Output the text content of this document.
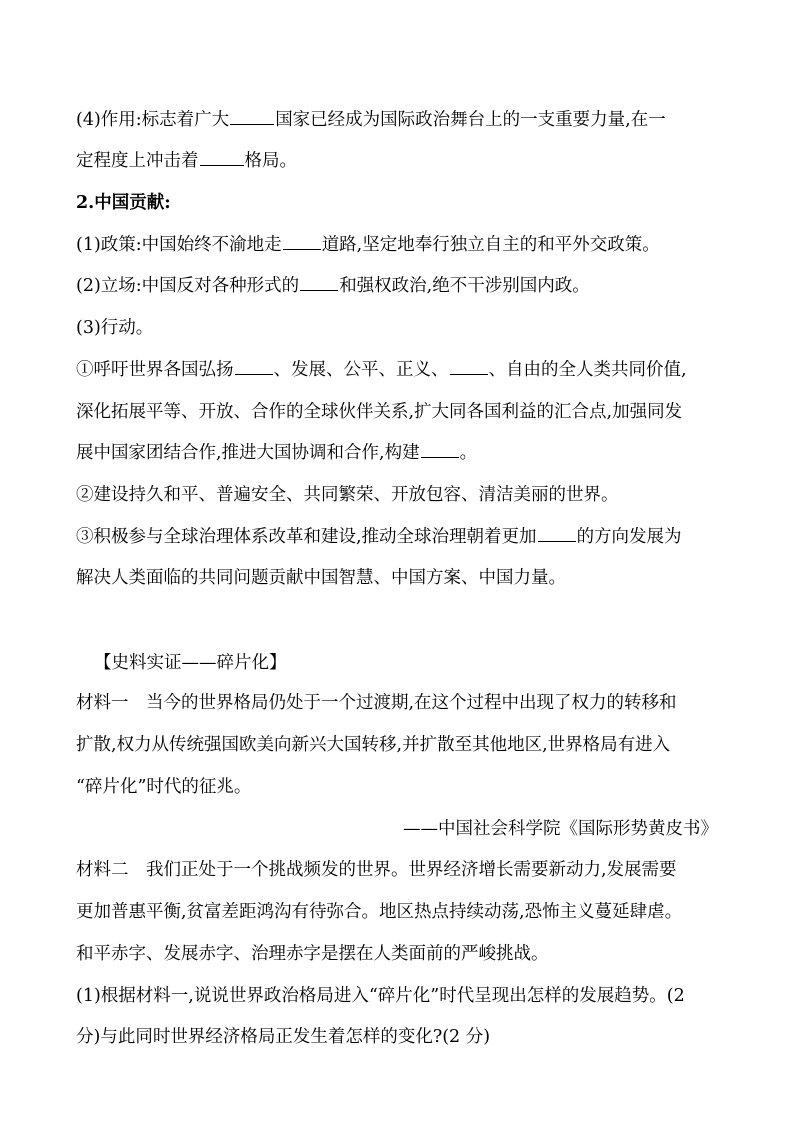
(4)作用:标志着广大	国家已经成为国际政治舞台上的一支重要力量,在一
定程度上冲击着	格局。
2.中国贡献:
(1)政策:中国始终不渝地走 道路,坚定地奉行独立自主的和平外交政策。
(2)立场:中国反对各种形式的 和强权政治,绝不干涉别国内政。
(3)行动。
①呼吁世界各国弘扬 、发展、公平、正义、 、自由的全人类共同价值,
深化拓展平等、开放、合作的全球伙伴关系,扩大同各国利益的汇合点,加强同发
展中国家团结合作,推进大国协调和合作,构建 。
②建设持久和平、普遍安全、共同繁荣、开放包容、清洁美丽的世界。
③积极参与全球治理体系改革和建设,推动全球治理朝着更加 的方向发展为
解决人类面临的共同问题贡献中国智慧、中国方案、中国力量。
【史料实证——碎片化】
材料一　当今的世界格局仍处于一个过渡期,在这个过程中出现了权力的转移和
扩散,权力从传统强国欧美向新兴大国转移,并扩散至其他地区,世界格局有进入
“碎片化”时代的征兆。
——中国社会科学院《国际形势黄皮书》
材料二　我们正处于一个挑战频发的世界。世界经济增长需要新动力,发展需要
更加普惠平衡,贫富差距鸿沟有待弥合。地区热点持续动荡,恐怖主义蔓延肆虐。
和平赤字、发展赤字、治理赤字是摆在人类面前的严峻挑战。
(1)根据材料一,说说世界政治格局进入“碎片化”时代呈现出怎样的发展趋势。(2
分)与此同时世界经济格局正发生着怎样的变化?(2 分)
